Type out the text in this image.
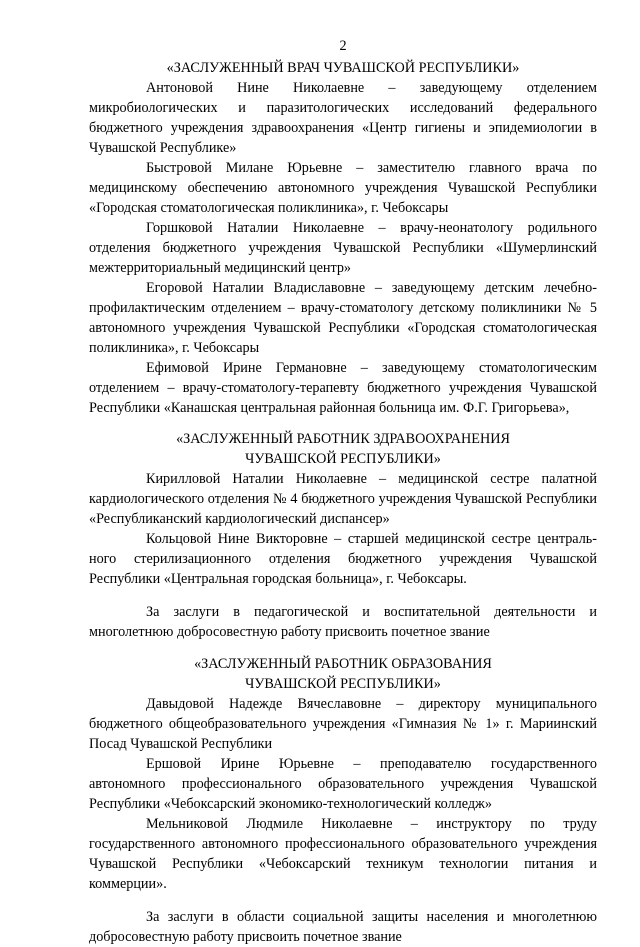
2

«ЗАСЛУЖЕННЫЙ ВРАЧ ЧУВАШСКОЙ РЕСПУБЛИКИ»

Антоновой Нине Николаевне – заведующему отделением микробиологических и паразитологических исследований федерального бюджетного учреждения здравоохранения «Центр гигиены и эпидемиологии в Чувашской Республике»

Быстровой Милане Юрьевне – заместителю главного врача по медицинскому обеспечению автономного учреждения Чувашской Республики «Городская стоматологическая поликлиника», г. Чебоксары

Горшковой Наталии Николаевне – врачу-неонатологу родильного отделения бюджетного учреждения Чувашской Республики «Шумерлинский межтерриториальный медицинский центр»

Егоровой Наталии Владиславовне – заведующему детским лечебно-профилактическим отделением – врачу-стоматологу детскому поликлиники № 5 автономного учреждения Чувашской Республики «Городская стоматологическая поликлиника», г. Чебоксары

Ефимовой Ирине Германовне – заведующему стоматологическим отделением – врачу-стоматологу-терапевту бюджетного учреждения Чувашской Республики «Канашская центральная районная больница им. Ф.Г. Григорьева»,

«ЗАСЛУЖЕННЫЙ РАБОТНИК ЗДРАВООХРАНЕНИЯ

ЧУВАШСКОЙ РЕСПУБЛИКИ»

Кирилловой Наталии Николаевне – медицинской сестре палатной кардиологического отделения № 4 бюджетного учреждения Чувашской Республики «Республиканский кардиологический диспансер»

Кольцовой Нине Викторовне – старшей медицинской сестре центрального стерилизационного отделения бюджетного учреждения Чувашской Республики «Центральная городская больница», г. Чебоксары.

За заслуги в педагогической и воспитательной деятельности и многолетнюю добросовестную работу присвоить почетное звание

«ЗАСЛУЖЕННЫЙ РАБОТНИК ОБРАЗОВАНИЯ

ЧУВАШСКОЙ РЕСПУБЛИКИ»

Давыдовой Надежде Вячеславовне – директору муниципального бюджетного общеобразовательного учреждения «Гимназия № 1» г. Мариинский Посад Чувашской Республики

Ершовой Ирине Юрьевне – преподавателю государственного автономного профессионального образовательного учреждения Чувашской Республики «Чебоксарский экономико-технологический колледж»

Мельниковой Людмиле Николаевне – инструктору по труду государственного автономного профессионального образовательного учреждения Чувашской Республики «Чебоксарский техникум технологии питания и коммерции».

За заслуги в области социальной защиты населения и многолетнюю добросовестную работу присвоить почетное звание
